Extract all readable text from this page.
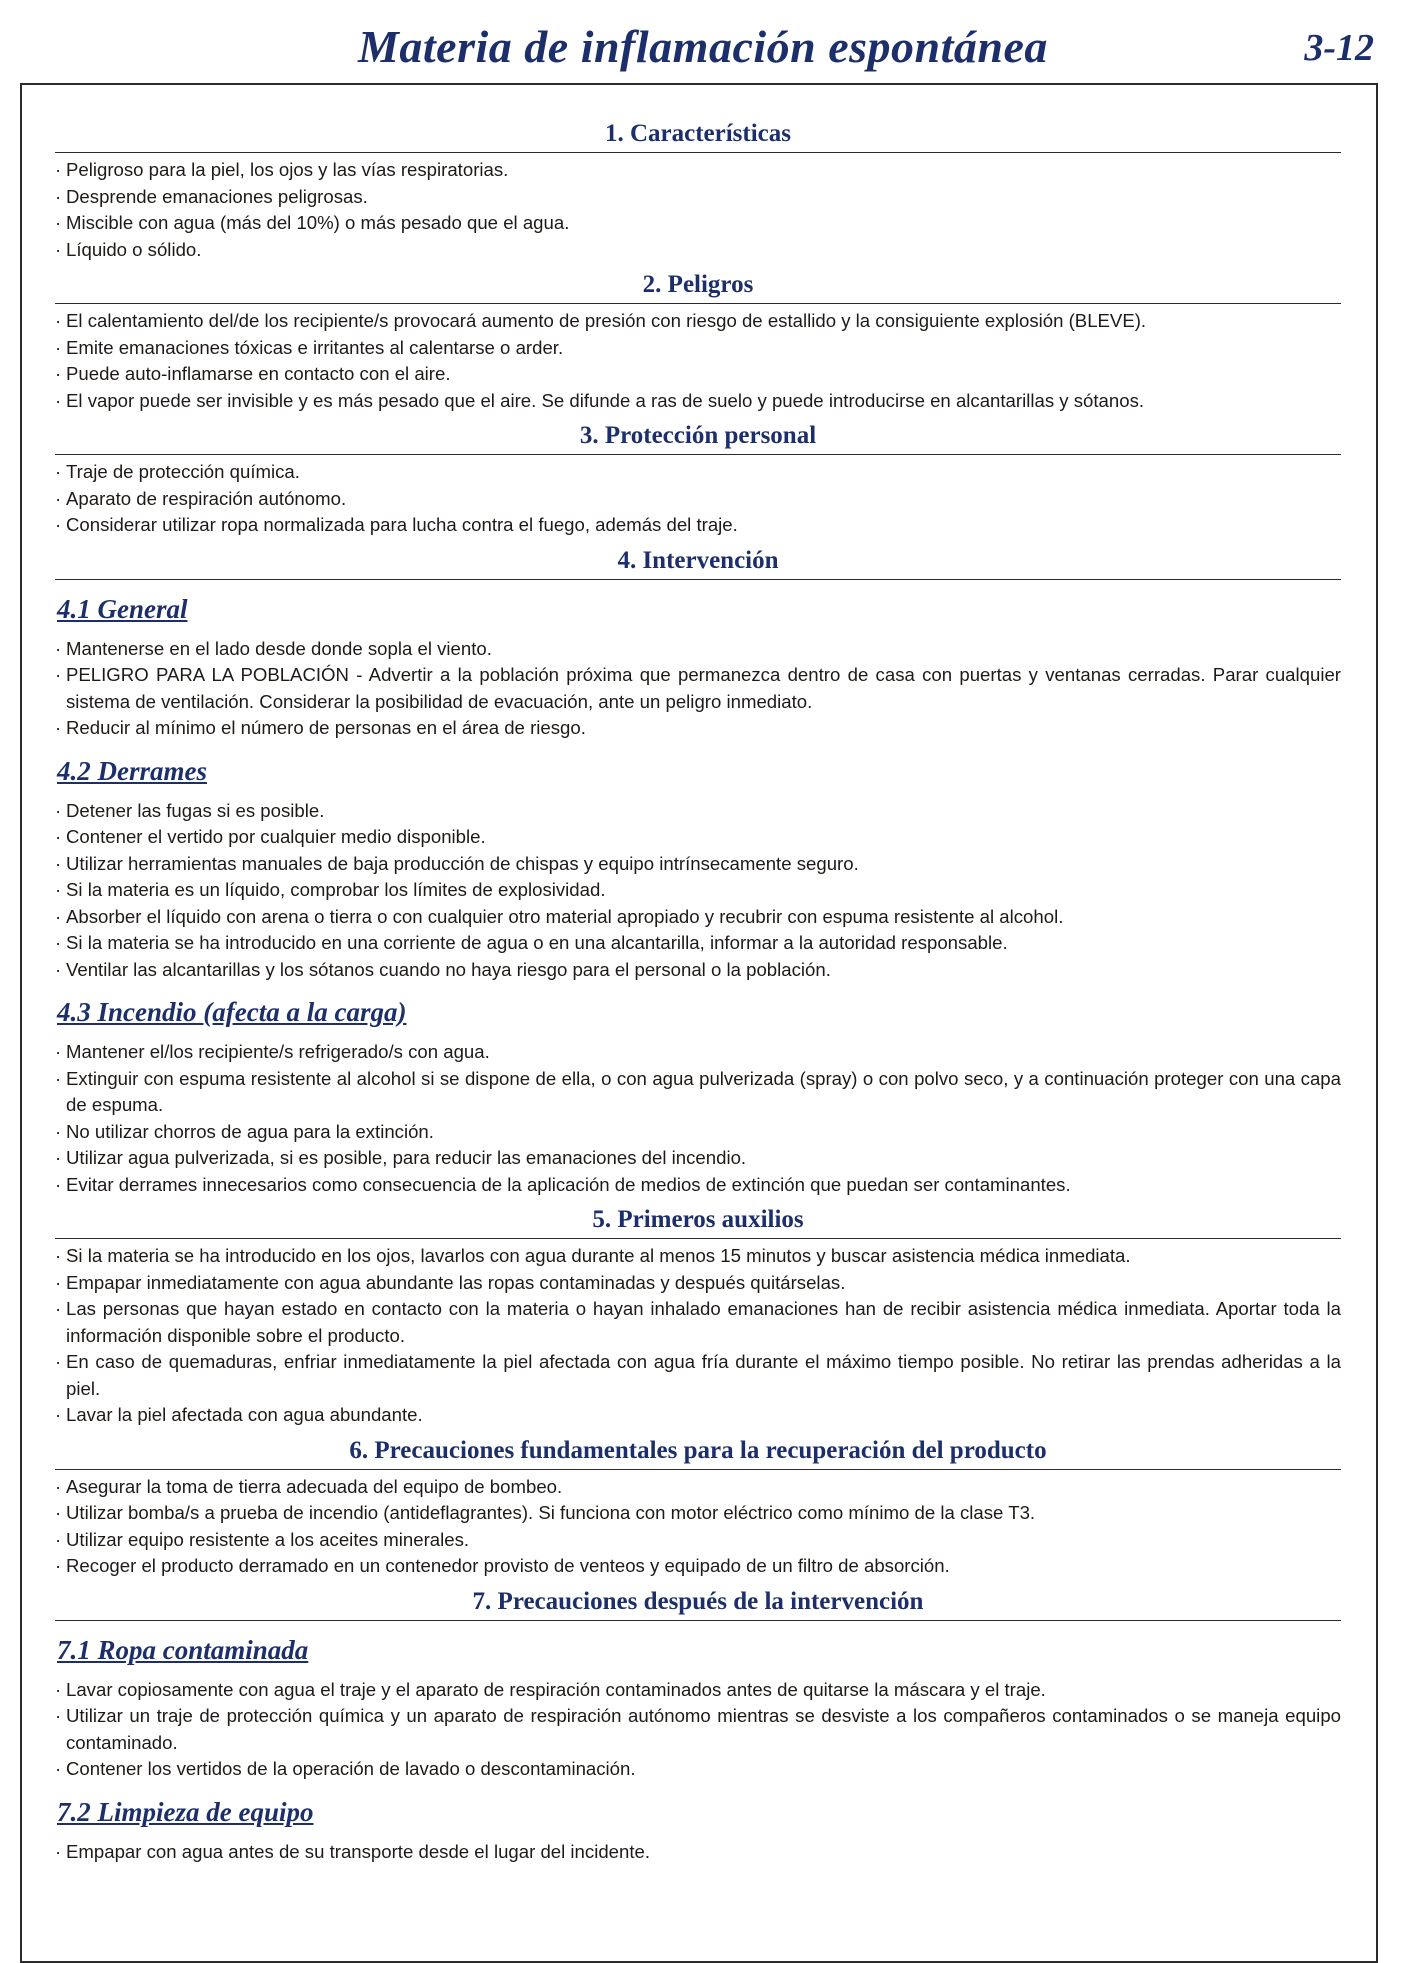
Materia de inflamación espontánea	3-12
1. Características
· Peligroso para la piel, los ojos y las vías respiratorias.
· Desprende emanaciones peligrosas.
· Miscible con agua (más del 10%) o más pesado que el agua.
· Líquido o sólido.
2. Peligros
· El calentamiento del/de los recipiente/s provocará aumento de presión con riesgo de estallido y la consiguiente explosión (BLEVE).
· Emite emanaciones tóxicas e irritantes al calentarse o arder.
· Puede auto-inflamarse en contacto con el aire.
· El vapor puede ser invisible y es más pesado que el aire. Se difunde a ras de suelo y puede introducirse en alcantarillas y sótanos.
3. Protección personal
· Traje de protección química.
· Aparato de respiración autónomo.
· Considerar utilizar ropa normalizada para lucha contra el fuego, además del traje.
4. Intervención
4.1 General
· Mantenerse en el lado desde donde sopla el viento.
· PELIGRO PARA LA POBLACIÓN - Advertir a la población próxima que permanezca dentro de casa con puertas y ventanas cerradas. Parar cualquier sistema de ventilación. Considerar la posibilidad de evacuación, ante un peligro inmediato.
· Reducir al mínimo el número de personas en el área de riesgo.
4.2 Derrames
· Detener las fugas si es posible.
· Contener el vertido por cualquier medio disponible.
· Utilizar herramientas manuales de baja producción de chispas y equipo intrínsecamente seguro.
· Si la materia es un líquido, comprobar los límites de explosividad.
· Absorber el líquido con arena o tierra o con cualquier otro material apropiado y recubrir con espuma resistente al alcohol.
· Si la materia se ha introducido en una corriente de agua o en una alcantarilla, informar a la autoridad responsable.
· Ventilar las alcantarillas y los sótanos cuando no haya riesgo para el personal o la población.
4.3 Incendio (afecta a la carga)
· Mantener el/los recipiente/s refrigerado/s con agua.
· Extinguir con espuma resistente al alcohol si se dispone de ella, o con agua pulverizada (spray) o con polvo seco, y a continuación proteger con una capa de espuma.
· No utilizar chorros de agua para la extinción.
· Utilizar agua pulverizada, si es posible, para reducir las emanaciones del incendio.
· Evitar derrames innecesarios como consecuencia de la aplicación de medios de extinción que puedan ser contaminantes.
5. Primeros auxilios
· Si la materia se ha introducido en los ojos, lavarlos con agua durante al menos 15 minutos y buscar asistencia médica inmediata.
· Empapar inmediatamente con agua abundante las ropas contaminadas y después quitárselas.
· Las personas que hayan estado en contacto con la materia o hayan inhalado emanaciones han de recibir asistencia médica inmediata. Aportar toda la información disponible sobre el producto.
· En caso de quemaduras, enfriar inmediatamente la piel afectada con agua fría durante el máximo tiempo posible. No retirar las prendas adheridas a la piel.
· Lavar la piel afectada con agua abundante.
6. Precauciones fundamentales para la recuperación del producto
· Asegurar la toma de tierra adecuada del equipo de bombeo.
· Utilizar bomba/s a prueba de incendio (antideflagrantes). Si funciona con motor eléctrico como mínimo de la clase T3.
· Utilizar equipo resistente a los aceites minerales.
· Recoger el producto derramado en un contenedor provisto de venteos y equipado de un filtro de absorción.
7. Precauciones después de la intervención
7.1 Ropa contaminada
· Lavar copiosamente con agua el traje y el aparato de respiración contaminados antes de quitarse la máscara y el traje.
· Utilizar un traje de protección química y un aparato de respiración autónomo mientras se desviste a los compañeros contaminados o se maneja equipo contaminado.
· Contener los vertidos de la operación de lavado o descontaminación.
7.2 Limpieza de equipo
· Empapar con agua antes de su transporte desde el lugar del incidente.
